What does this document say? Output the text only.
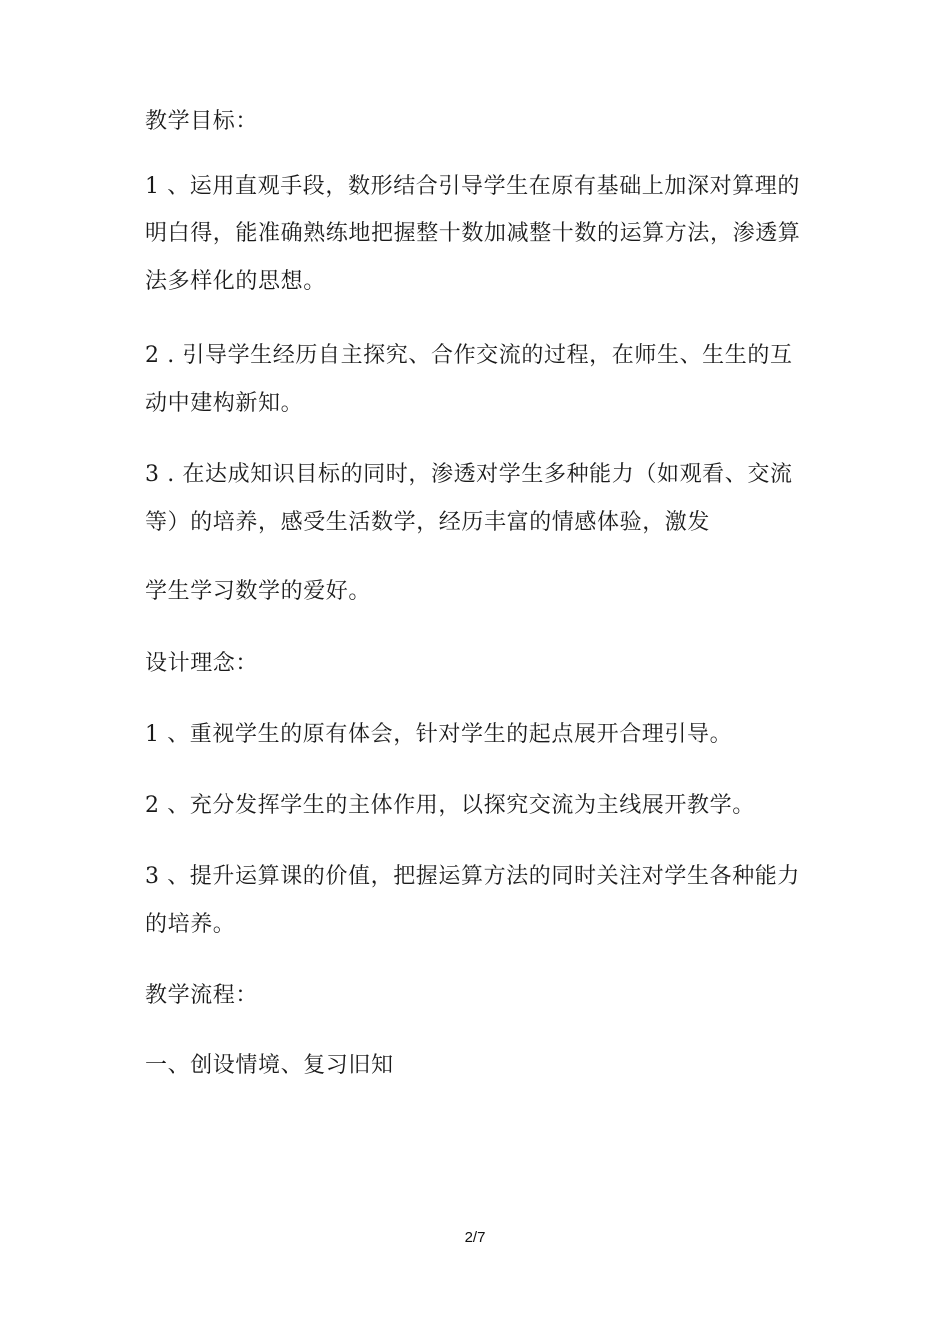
教学目标：
1 、运用直观手段，数形结合引导学生在原有基础上加深对算理的
明白得，能准确熟练地把握整十数加减整十数的运算方法，渗透算
法多样化的思想。
2 . 引导学生经历自主探究、合作交流的过程，在师生、生生的互
动中建构新知。
3 . 在达成知识目标的同时，渗透对学生多种能力（如观看、交流
等）的培养，感受生活数学，经历丰富的情感体验，激发
学生学习数学的爱好。
设计理念：
1 、重视学生的原有体会，针对学生的起点展开合理引导。
2 、充分发挥学生的主体作用，以探究交流为主线展开教学。
3 、提升运算课的价值，把握运算方法的同时关注对学生各种能力
的培养。
教学流程：
一、创设情境、复习旧知
2/7
